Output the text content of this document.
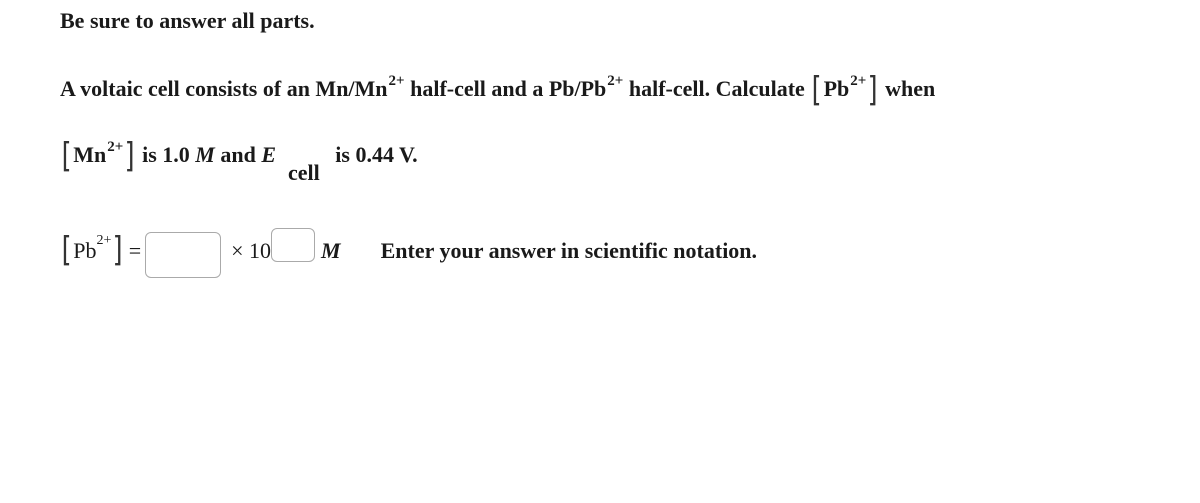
Be sure to answer all parts.
A voltaic cell consists of an Mn/Mn 2+ half-cell and a Pb/Pb 2+ half-cell. Calculate [ Pb 2+ ] when
[ Mn 2+ ] is 1.0 M and E
cell
is 0.44 V.
[ Pb 2+ ] =	× 10 M Enter your answer in scientific notation.
